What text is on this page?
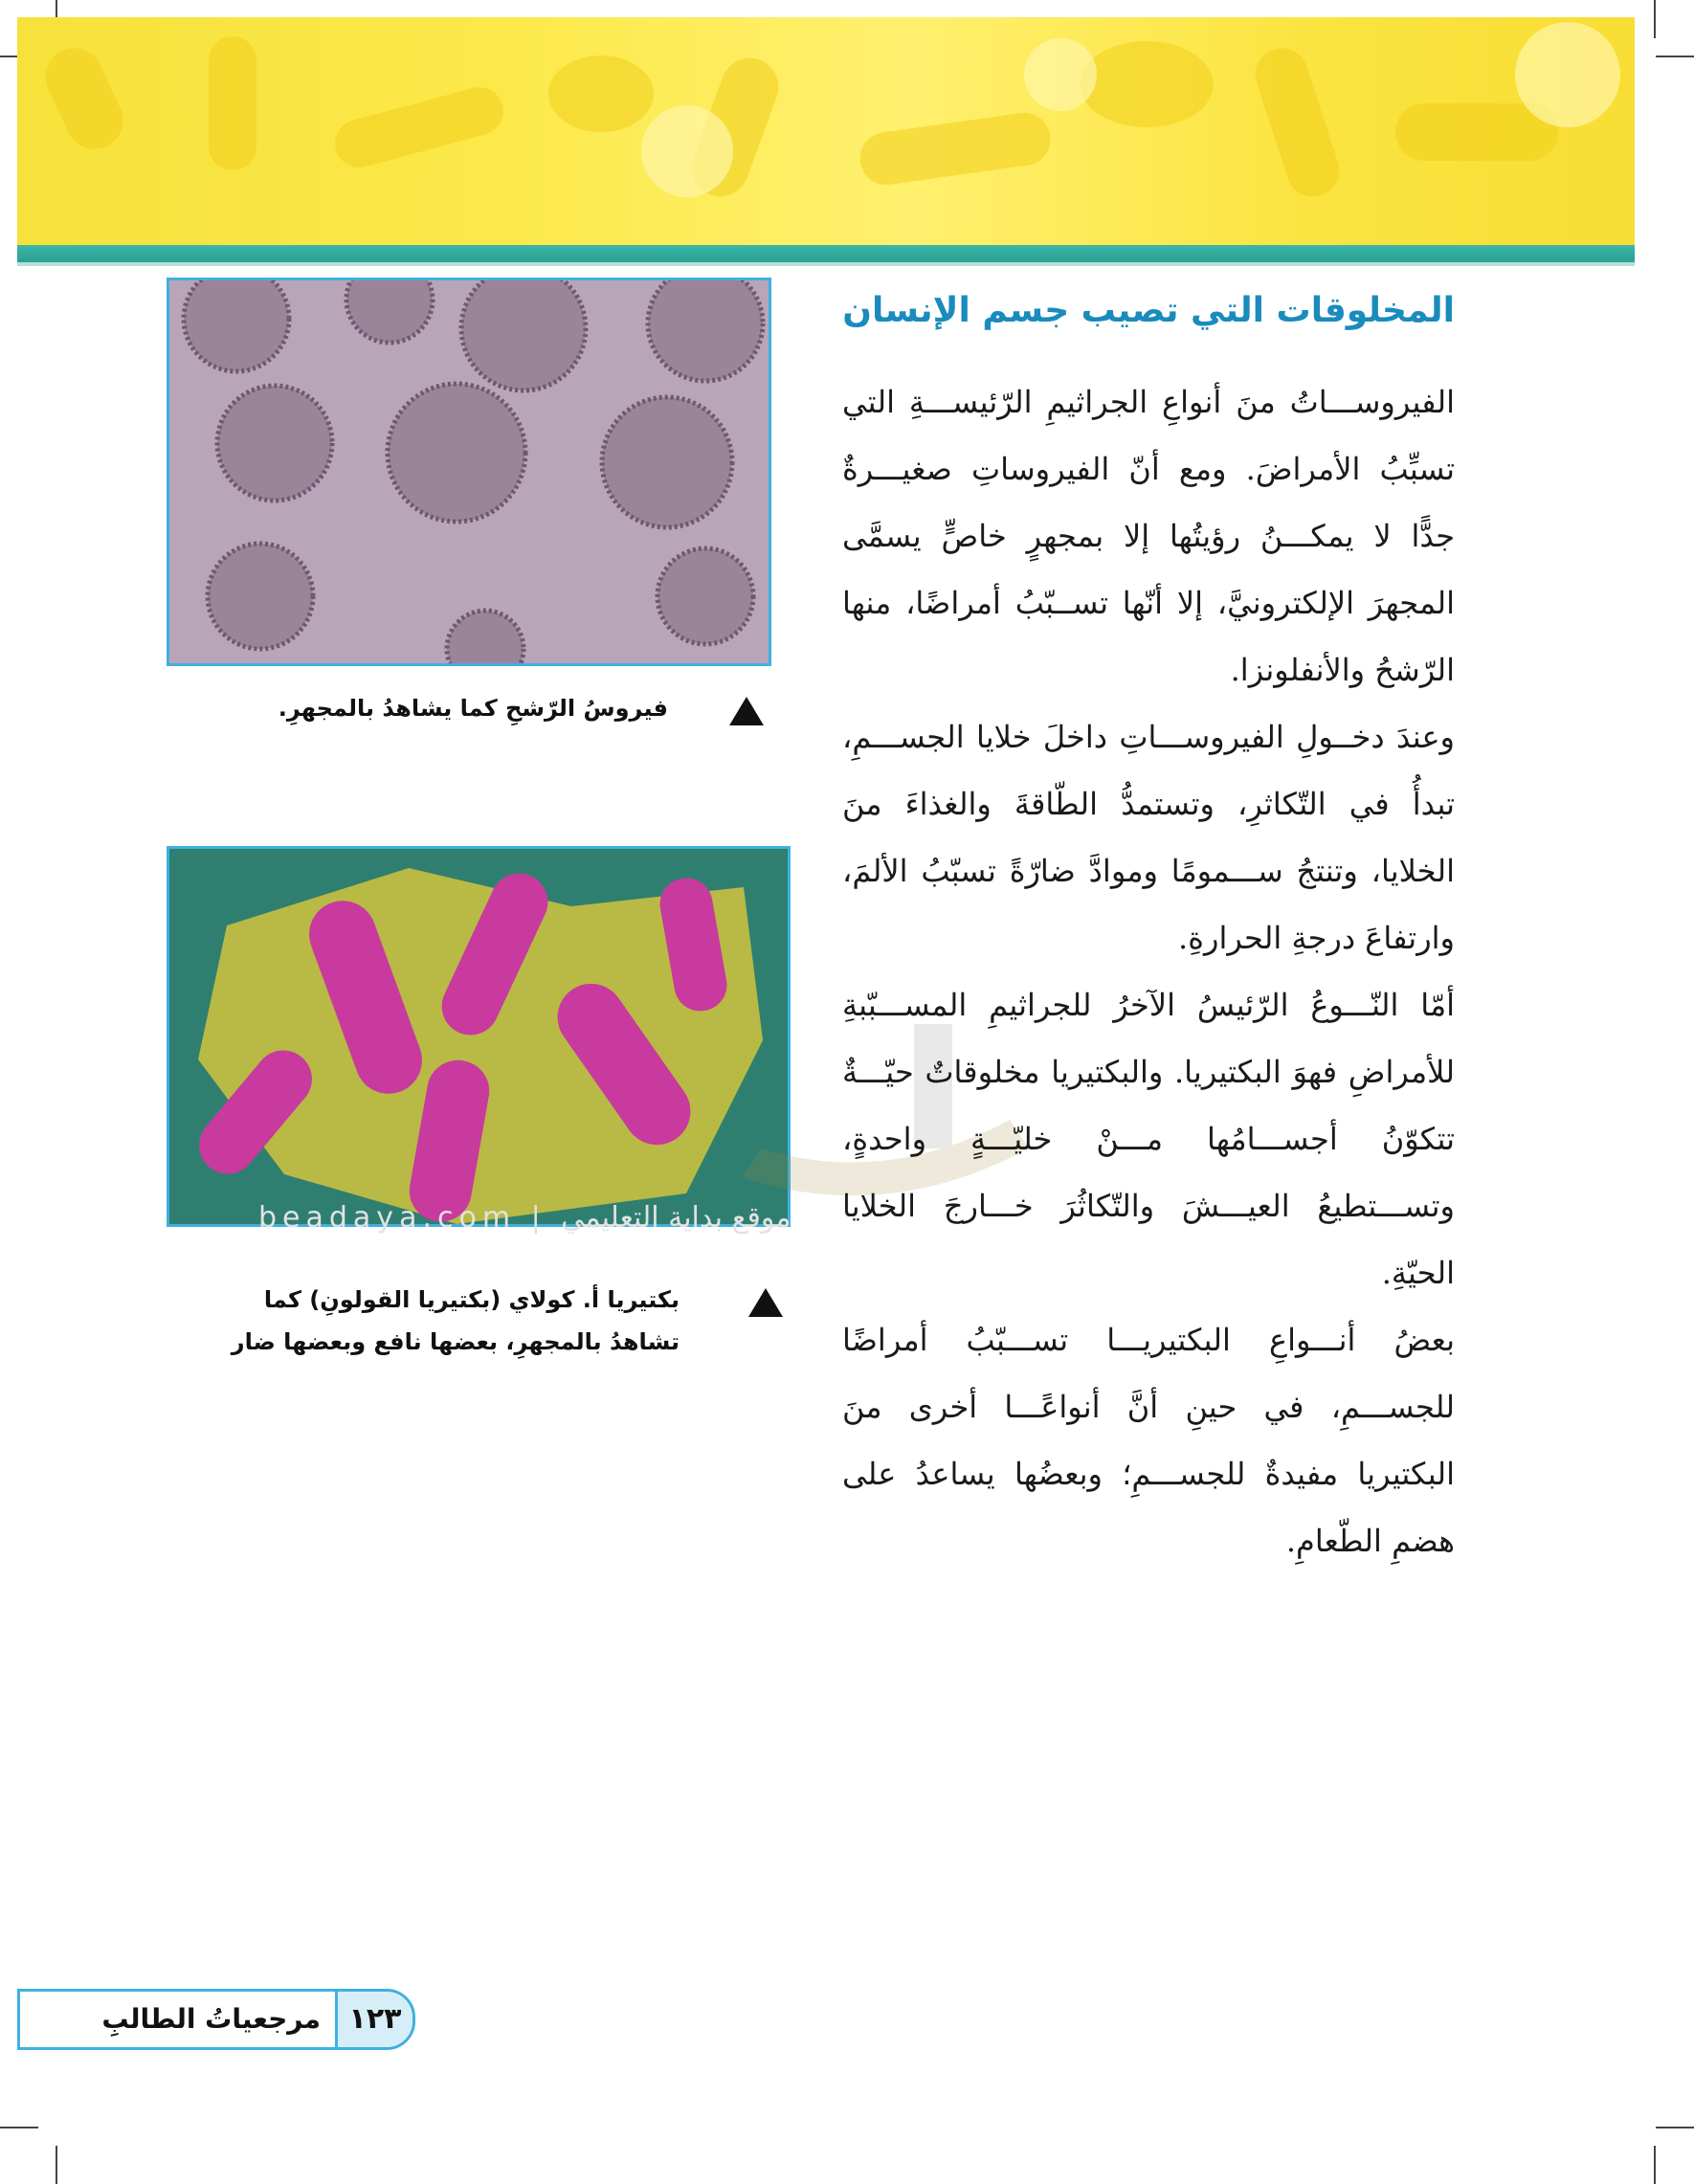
فيروسُ الرّشحِ كما يشاهدُ بالمجهرِ.
بكتيريا أ. كولاي (بكتيريا القولونِ) كما تشاهدُ بالمجهرِ، بعضها نافع وبعضها ضار
beadaya.com | موقع بداية التعليمي
المخلوقات التي تصيب جسم الإنسان

الفيروســـاتُ منَ أنواعِ الجراثيمِ الرّئيســـةِ التي تسبِّبُ الأمراضَ. ومع أنّ الفيروساتِ صغيـــرةٌ جدًّا لا يمكـــنُ رؤيتُها إلا بمجهرٍ خاصٍّ يسمَّى المجهرَ الإلكترونيَّ، إلا أنّها تســبّبُ أمراضًا، منها الرّشحُ والأنفلونزا.

وعندَ دخــولِ الفيروســـاتِ داخلَ خلايا الجســـمِ، تبدأُ في التّكاثرِ، وتستمدُّ الطّاقةَ والغذاءَ منَ الخلايا، وتنتجُ ســـمومًا وموادَّ ضارّةً تسبّبُ الألمَ، وارتفاعَ درجةِ الحرارةِ.

أمّا النّـــوعُ الرّئيسُ الآخرُ للجراثيمِ المســـبّبةِ للأمراضِ فهوَ البكتيريا. والبكتيريا مخلوقاتٌ حيّـــةٌ تتكوّنُ أجســـامُها مـــنْ خليّـــةٍ واحدةٍ، وتســـتطيعُ العيـــشَ والتّكاثُرَ خـــارجَ الخلايا الحيّةِ.

بعضُ أنـــواعِ البكتيريـــا تســـبّبُ أمراضًا للجســـمِ، في حينِ أنَّ أنواعًـــا أخرى منَ البكتيريا مفيدةٌ للجســـمِ؛ وبعضُها يساعدُ على هضمِ الطّعامِ.

١٢٣
مرجعياتُ الطالبِ
